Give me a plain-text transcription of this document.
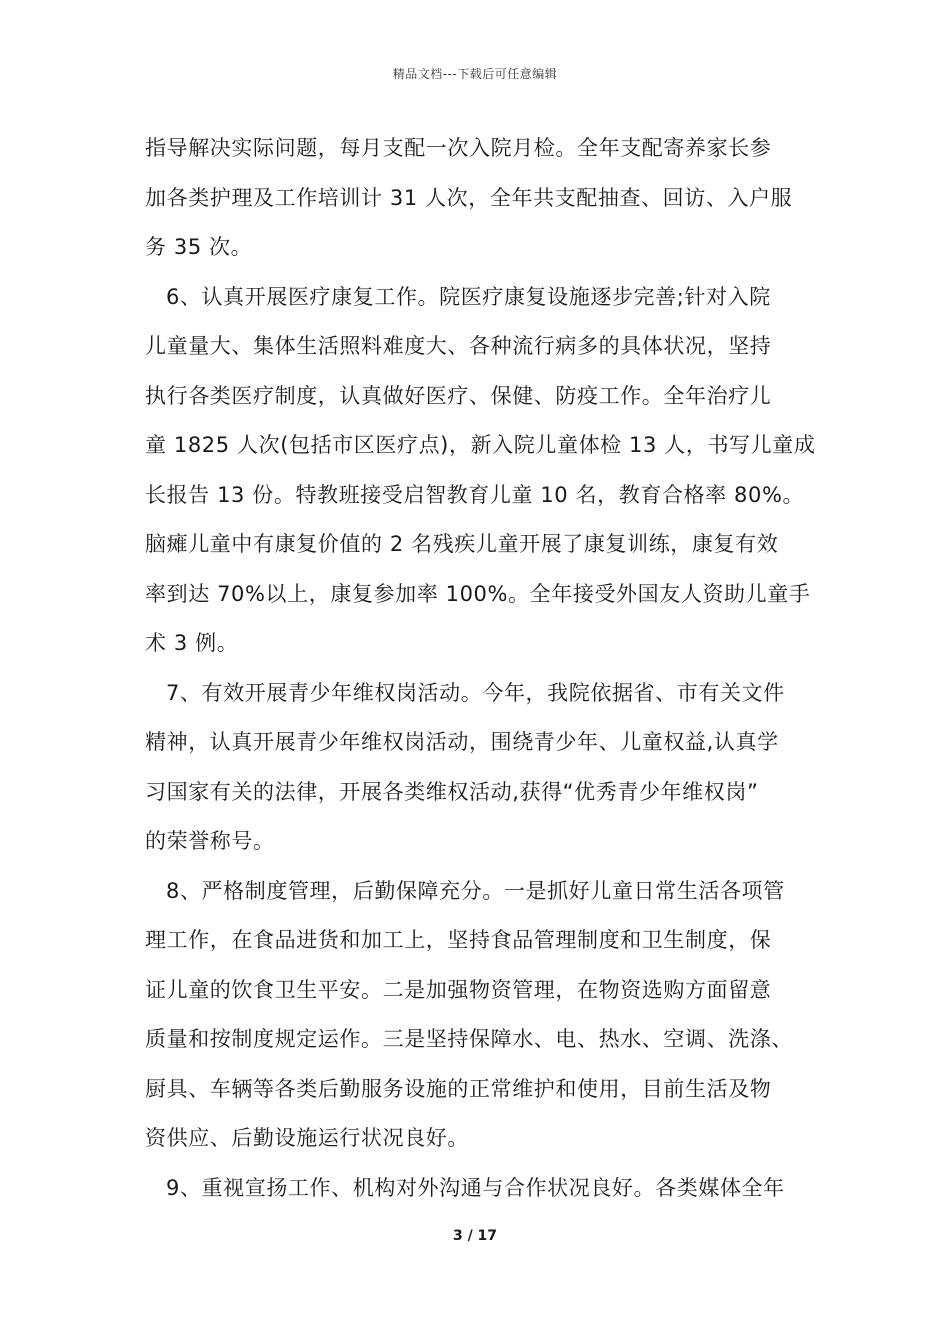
精品文档---下载后可任意编辑
指导解决实际问题，每月支配一次入院月检。全年支配寄养家长参
加各类护理及工作培训计 31 人次，全年共支配抽查、回访、入户服
务 35 次。
6、认真开展医疗康复工作。院医疗康复设施逐步完善;针对入院
儿童量大、集体生活照料难度大、各种流行病多的具体状况，坚持
执行各类医疗制度，认真做好医疗、保健、防疫工作。全年治疗儿
童 1825 人次(包括市区医疗点)，新入院儿童体检 13 人，书写儿童成
长报告 13 份。特教班接受启智教育儿童 10 名，教育合格率 80%。
脑瘫儿童中有康复价值的 2 名残疾儿童开展了康复训练，康复有效
率到达 70%以上，康复参加率 100%。全年接受外国友人资助儿童手
术 3 例。
7、有效开展青少年维权岗活动。今年，我院依据省、市有关文件
精神，认真开展青少年维权岗活动，围绕青少年、儿童权益,认真学
习国家有关的法律，开展各类维权活动,获得“优秀青少年维权岗”
的荣誉称号。
8、严格制度管理，后勤保障充分。一是抓好儿童日常生活各项管
理工作，在食品进货和加工上，坚持食品管理制度和卫生制度，保
证儿童的饮食卫生平安。二是加强物资管理，在物资选购方面留意
质量和按制度规定运作。三是坚持保障水、电、热水、空调、洗涤、
厨具、车辆等各类后勤服务设施的正常维护和使用，目前生活及物
资供应、后勤设施运行状况良好。
9、重视宣扬工作、机构对外沟通与合作状况良好。各类媒体全年
3 / 17
